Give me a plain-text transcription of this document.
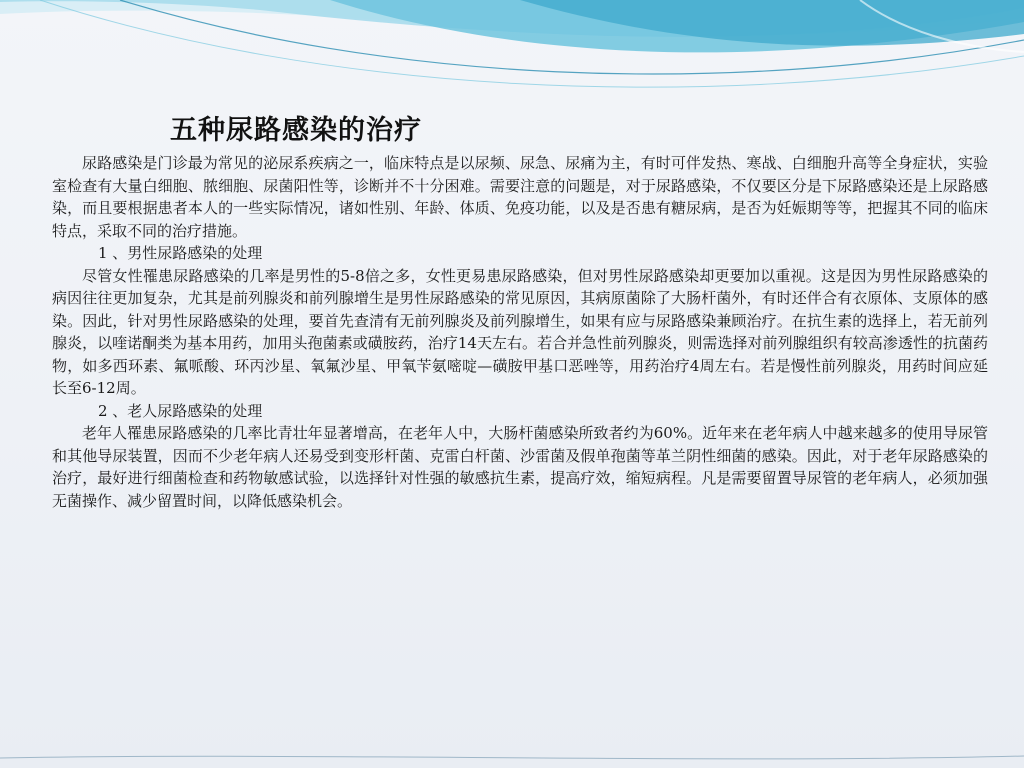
五种尿路感染的治疗

尿路感染是门诊最为常见的泌尿系疾病之一，临床特点是以尿频、尿急、尿痛为主，有时可伴发热、寒战、白细胞升高等全身症状，实验室检查有大量白细胞、脓细胞、尿菌阳性等，诊断并不十分困难。需要注意的问题是，对于尿路感染，不仅要区分是下尿路感染还是上尿路感染，而且要根据患者本人的一些实际情况，诸如性别、年龄、体质、免疫功能，以及是否患有糖尿病，是否为妊娠期等等，把握其不同的临床特点，采取不同的治疗措施。

1 、男性尿路感染的处理

尽管女性罹患尿路感染的几率是男性的5-8倍之多，女性更易患尿路感染，但对男性尿路感染却更要加以重视。这是因为男性尿路感染的病因往往更加复杂，尤其是前列腺炎和前列腺增生是男性尿路感染的常见原因，其病原菌除了大肠杆菌外，有时还伴合有衣原体、支原体的感染。因此，针对男性尿路感染的处理，要首先查清有无前列腺炎及前列腺增生，如果有应与尿路感染兼顾治疗。在抗生素的选择上，若无前列腺炎，以喹诺酮类为基本用药，加用头孢菌素或磺胺药，治疗14天左右。若合并急性前列腺炎，则需选择对前列腺组织有较高渗透性的抗菌药物，如多西环素、氟哌酸、环丙沙星、氧氟沙星、甲氧苄氨嘧啶—磺胺甲基口恶唑等，用药治疗4周左右。若是慢性前列腺炎，用药时间应延长至6-12周。

2 、老人尿路感染的处理

老年人罹患尿路感染的几率比青壮年显著增高，在老年人中，大肠杆菌感染所致者约为60%。近年来在老年病人中越来越多的使用导尿管和其他导尿装置，因而不少老年病人还易受到变形杆菌、克雷白杆菌、沙雷菌及假单孢菌等革兰阴性细菌的感染。因此，对于老年尿路感染的治疗，最好进行细菌检查和药物敏感试验，以选择针对性强的敏感抗生素，提高疗效，缩短病程。凡是需要留置导尿管的老年病人，必须加强无菌操作、减少留置时间，以降低感染机会。
